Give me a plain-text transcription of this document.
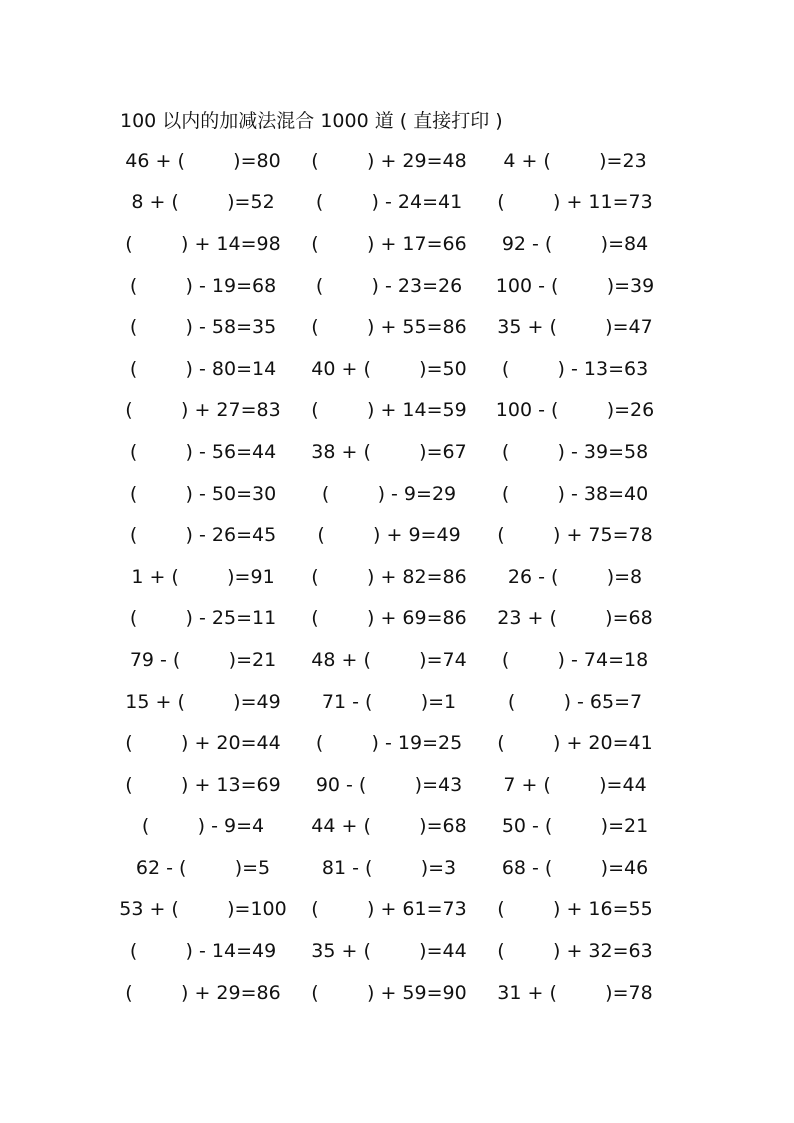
100 以内的加减法混合 1000 道 ( 直接打印 )
46 + (        )=80	(        ) + 29=48	4 + (        )=23
8 + (        )=52	(        ) - 24=41	(        ) + 11=73
(        ) + 14=98	(        ) + 17=66	92 - (        )=84
(        ) - 19=68	(        ) - 23=26	100 - (        )=39
(        ) - 58=35	(        ) + 55=86	35 + (        )=47
(        ) - 80=14	40 + (        )=50	(        ) - 13=63
(        ) + 27=83	(        ) + 14=59	100 - (        )=26
(        ) - 56=44	38 + (        )=67	(        ) - 39=58
(        ) - 50=30	(        ) - 9=29	(        ) - 38=40
(        ) - 26=45	(        ) + 9=49	(        ) + 75=78
1 + (        )=91	(        ) + 82=86	26 - (        )=8
(        ) - 25=11	(        ) + 69=86	23 + (        )=68
79 - (        )=21	48 + (        )=74	(        ) - 74=18
15 + (        )=49	71 - (        )=1	(        ) - 65=7
(        ) + 20=44	(        ) - 19=25	(        ) + 20=41
(        ) + 13=69	90 - (        )=43	7 + (        )=44
(        ) - 9=4	44 + (        )=68	50 - (        )=21
62 - (        )=5	81 - (        )=3	68 - (        )=46
53 + (        )=100	(        ) + 61=73	(        ) + 16=55
(        ) - 14=49	35 + (        )=44	(        ) + 32=63
(        ) + 29=86	(        ) + 59=90	31 + (        )=78
